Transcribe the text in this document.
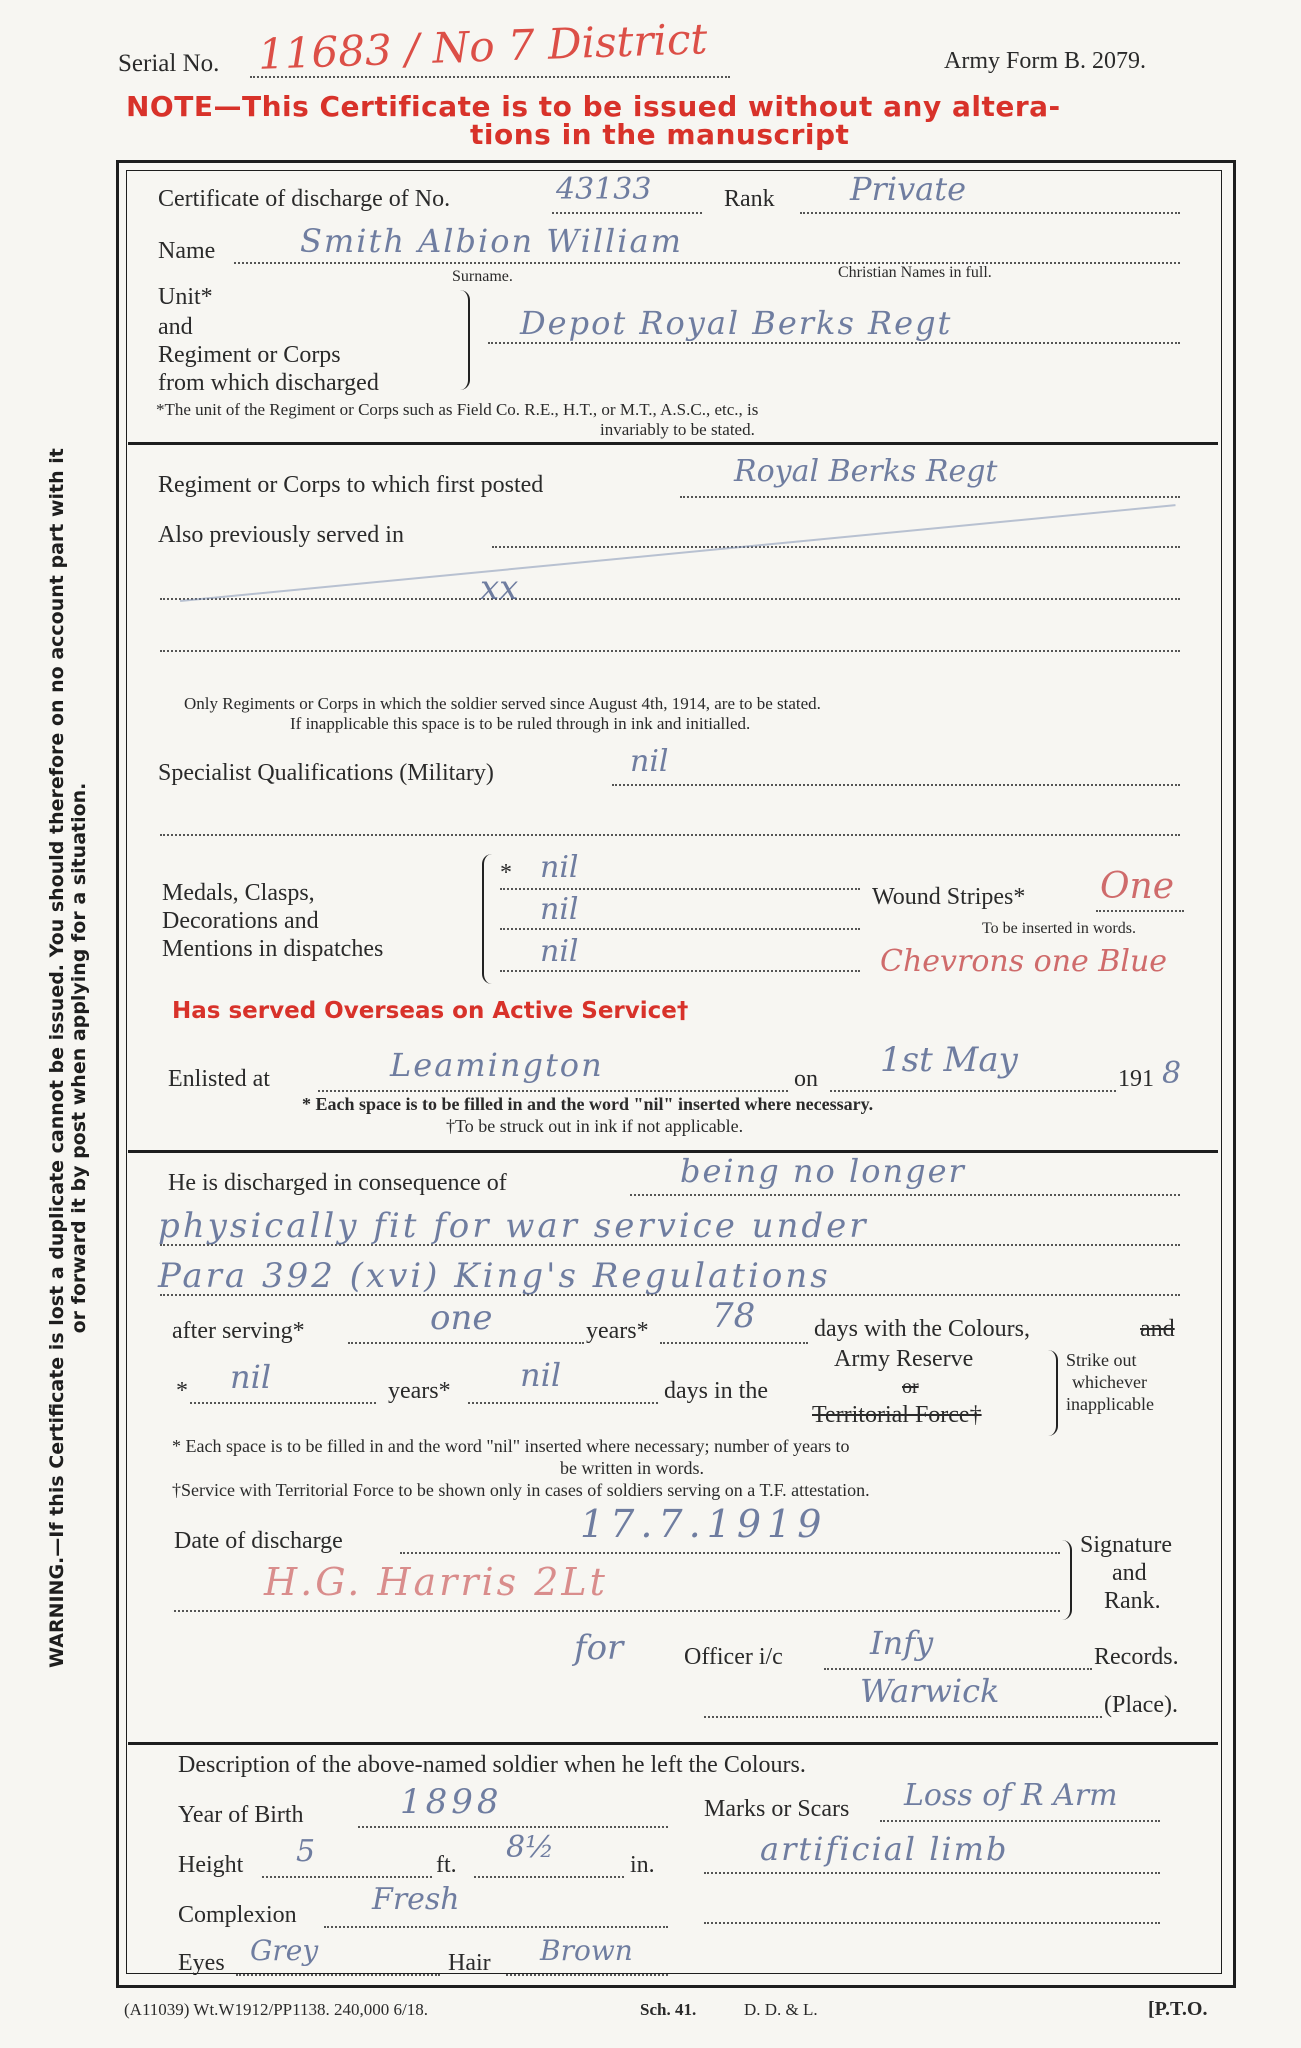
Serial No. 11683 / No 7 District	Army Form B. 2079.
NOTE—This Certificate is to be issued without any altera-
tions in the manuscript
WARNING.—If this Certificate is lost a duplicate cannot be issued. You should therefore on no account part with it or forward it by post when applying for a situation.
Certificate of discharge of No.	43133	Rank Private
Name	Smith Albion William
Surname.	Christian Names in full.
Unit*
and
Regiment or Corps
from which discharged
Depot Royal Berks Regt
*The unit of the Regiment or Corps such as Field Co. R.E., H.T., or M.T., A.S.C., etc., is
invariably to be stated.
Regiment or Corps to which first posted	Royal Berks Regt
Also previously served in
xx
Only Regiments or Corps in which the soldier served since August 4th, 1914, are to be stated.
If inapplicable this space is to be ruled through in ink and initialled.
Specialist Qualifications (Military)	nil
Medals, Clasps,
Decorations and
Mentions in dispatches
* nil
nil
nil
Wound Stripes* One
To be inserted in words.
Chevrons one Blue
Has served Overseas on Active Service†
Enlisted at	Leamington	on 1st May	191 8
* Each space is to be filled in and the word "nil" inserted where necessary.
†To be struck out in ink if not applicable.
He is discharged in consequence of	being no longer
physically fit for war service under
Para 392 (xvi) King's Regulations
after serving*	one	years* 78 days with the Colours,	and
* nil	years* nil	days in the
Army Reserve
or
Territorial Force†
Strike out
whichever
inapplicable
* Each space is to be filled in and the word "nil" inserted where necessary; number of years to
be written in words.
†Service with Territorial Force to be shown only in cases of soldiers serving on a T.F. attestation.
Date of discharge	17.7.1919
H.G. Harris 2Lt
Signature
and
Rank.
for	Officer i/c	Infy	Records.
Warwick	(Place).
Description of the above-named soldier when he left the Colours.
Year of Birth	1898	Marks or Scars Loss of R Arm
Height 5	ft. 8½	in.	artificial limb
Complexion	Fresh
Eyes Grey	Hair Brown
(A11039) Wt.W1912/PP1138. 240,000 6/18.	Sch. 41.	D. D. & L.	[P.T.O.
